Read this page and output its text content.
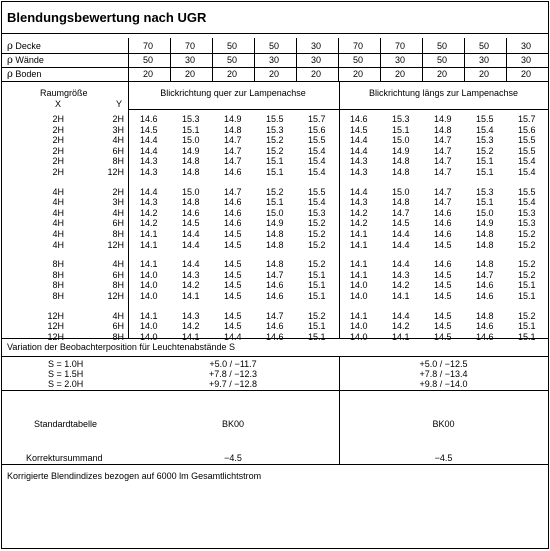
Blendungsbewertung nach UGR
ρ Decke	70	70	50	50	30	70	70	50	50	30
ρ Wände	50	30	50	30	30	50	30	50	30	30
ρ Boden	20	20	20	20	20	20	20	20	20	20
Raumgröße
X	Y
Blickrichtung quer zur Lampenachse	Blickrichtung längs zur Lampenachse
2H	2H 14.6	15.3	14.9	15.5	15.7	14.6	15.3	14.9	15.5	15.7
2H	3H 14.5	15.1	14.8	15.3	15.6	14.5	15.1	14.8	15.4	15.6
2H	4H 14.4	15.0	14.7	15.2	15.5	14.4	15.0	14.7	15.3	15.5
2H	6H 14.4	14.9	14.7	15.2	15.4	14.4	14.9	14.7	15.2	15.5
2H	8H 14.3	14.8	14.7	15.1	15.4	14.3	14.8	14.7	15.1	15.4
2H	12H 14.3	14.8	14.6	15.1	15.4	14.3	14.8	14.7	15.1	15.4
4H	2H 14.4	15.0	14.7	15.2	15.5	14.4	15.0	14.7	15.3	15.5
4H	3H 14.3	14.8	14.6	15.1	15.4	14.3	14.8	14.7	15.1	15.4
4H	4H 14.2	14.6	14.6	15.0	15.3	14.2	14.7	14.6	15.0	15.3
4H	6H 14.2	14.5	14.6	14.9	15.2	14.2	14.5	14.6	14.9	15.3
4H	8H 14.1	14.4	14.5	14.8	15.2	14.1	14.4	14.6	14.8	15.2
4H	12H 14.1	14.4	14.5	14.8	15.2	14.1	14.4	14.5	14.8	15.2
8H	4H 14.1	14.4	14.5	14.8	15.2	14.1	14.4	14.6	14.8	15.2
8H	6H 14.0	14.3	14.5	14.7	15.1	14.1	14.3	14.5	14.7	15.2
8H	8H 14.0	14.2	14.5	14.6	15.1	14.0	14.2	14.5	14.6	15.1
8H	12H 14.0	14.1	14.5	14.6	15.1	14.0	14.1	14.5	14.6	15.1
12H	4H 14.1	14.3	14.5	14.7	15.2	14.1	14.4	14.5	14.8	15.2
12H	6H 14.0	14.2	14.5	14.6	15.1	14.0	14.2	14.5	14.6	15.1
12H	8H 14.0	14.1	14.4	14.6	15.1	14.0	14.1	14.5	14.6	15.1
Variation der Beobachterposition für Leuchtenabstände S
S = 1.0H	+5.0 / −11.7	+5.0 / −12.5
S = 1.5H	+7.8 / −12.3	+7.8 / −13.4
S = 2.0H	+9.7 / −12.8	+9.8 / −14.0
Standardtabelle	BK00	BK00
Korrektursummand	−4.5	−4.5
Korrigierte Blendindizes bezogen auf 6000 lm Gesamtlichtstrom
